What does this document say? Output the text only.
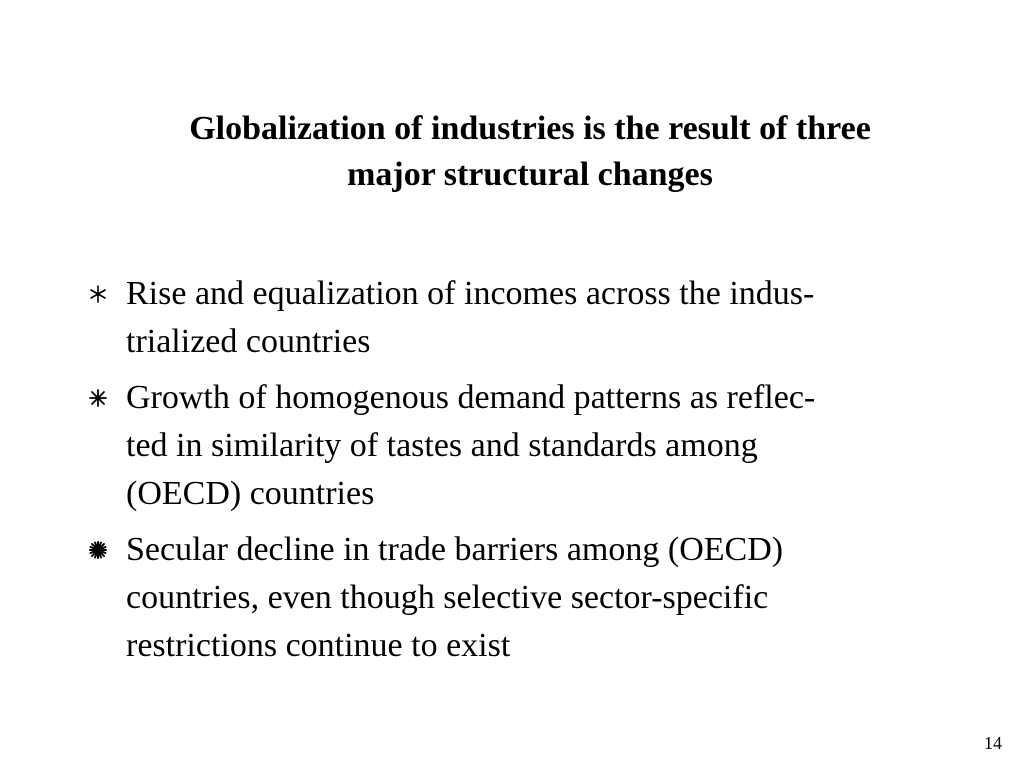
Globalization of industries is the result of three
major structural changes
Rise and equalization of incomes across the indus-
trialized countries
Growth of homogenous demand patterns as reflec-
ted in similarity of tastes and standards among
(OECD) countries
Secular decline in trade barriers among (OECD)
countries, even though selective sector-specific
restrictions continue to exist
14
